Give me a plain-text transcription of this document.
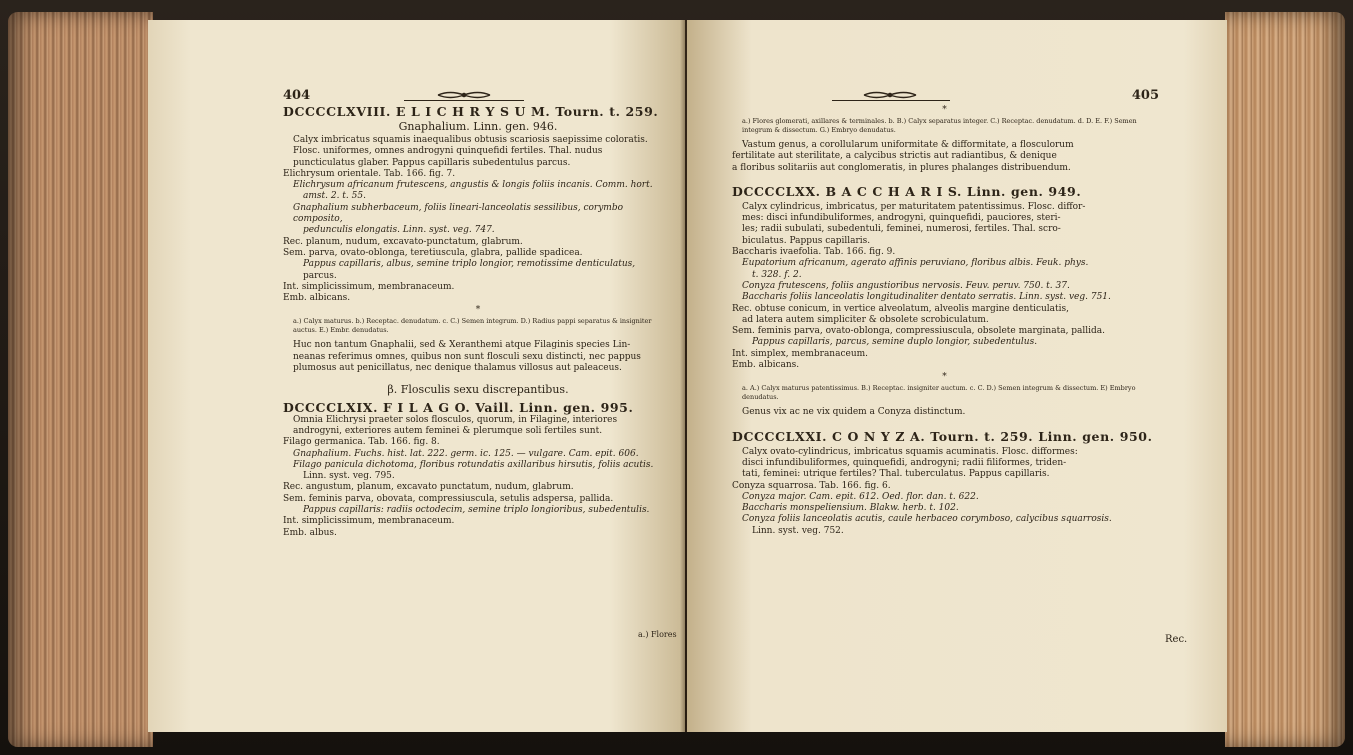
404
DCCCCLXVIII. E L I C H R Y S U M. Tourn. t. 259.
Gnaphalium. Linn. gen. 946.

Calyx imbricatus squamis inaequalibus obtusis scariosis saepissime coloratis.

Flosc. uniformes, omnes androgyni quinquefidi fertiles. Thal. nudus

puncticulatus glaber. Pappus capillaris subedentulus parcus.

Elichrysum orientale. Tab. 166. fig. 7.

Elichrysum africanum frutescens, angustis & longis foliis incanis. Comm. hort.

amst. 2. t. 55.

Gnaphalium subherbaceum, foliis lineari-lanceolatis sessilibus, corymbo composito,

pedunculis elongatis. Linn. syst. veg. 747.

Rec. planum, nudum, excavato-punctatum, glabrum.

Sem. parva, ovato-oblonga, teretiuscula, glabra, pallide spadicea.

Pappus capillaris, albus, semine triplo longior, remotissime denticulatus,

parcus.

Int. simplicissimum, membranaceum.

Emb. albicans.

*

a.) Calyx maturus. b.) Receptac. denudatum. c. C.) Semen integrum. D.) Radius pappi separatus & insigniter auctus. E.) Embr. denudatus.

Huc non tantum Gnaphalii, sed & Xeranthemi atque Filaginis species Lin-

neanas referimus omnes, quibus non sunt flosculi sexu distincti, nec pappus

plumosus aut penicillatus, nec denique thalamus villosus aut paleaceus.

β. Flosculis sexu discrepantibus.

DCCCCLXIX. F I L A G O. Vaill. Linn. gen. 995.

Omnia Elichrysi praeter solos flosculos, quorum, in Filagine, interiores

androgyni, exteriores autem feminei & plerumque soli fertiles sunt.

Filago germanica. Tab. 166. fig. 8.

Gnaphalium. Fuchs. hist. lat. 222. germ. ic. 125. — vulgare. Cam. epit. 606.

Filago panicula dichotoma, floribus rotundatis axillaribus hirsutis, foliis acutis.

Linn. syst. veg. 795.

Rec. angustum, planum, excavato punctatum, nudum, glabrum.

Sem. feminis parva, obovata, compressiuscula, setulis adspersa, pallida.

Pappus capillaris: radiis octodecim, semine triplo longioribus, subedentulis.

Int. simplicissimum, membranaceum.

Emb. albus.

a.) Flores
405
*

a.) Flores glomerati, axillares & terminales. b. B.) Calyx separatus integer. C.) Receptac. denudatum. d. D. E. F.) Semen integrum & dissectum. G.) Embryo denudatus.

Vastum genus, a corollularum uniformitate & difformitate, a flosculorum

fertilitate aut sterilitate, a calycibus strictis aut radiantibus, & denique

a floribus solitariis aut conglomeratis, in plures phalanges distribuendum.

DCCCCLXX. B A C C H A R I S. Linn. gen. 949.

Calyx cylindricus, imbricatus, per maturitatem patentissimus. Flosc. diffor-

mes: disci infundibuliformes, androgyni, quinquefidi, pauciores, steri-

les; radii subulati, subedentuli, feminei, numerosi, fertiles. Thal. scro-

biculatus. Pappus capillaris.

Baccharis ivaefolia. Tab. 166. fig. 9.

Eupatorium africanum, agerato affinis peruviano, floribus albis. Feuk. phys.

t. 328. f. 2.

Conyza frutescens, foliis angustioribus nervosis. Feuv. peruv. 750. t. 37.

Baccharis foliis lanceolatis longitudinaliter dentato serratis. Linn. syst. veg. 751.

Rec. obtuse conicum, in vertice alveolatum, alveolis margine denticulatis,

ad latera autem simpliciter & obsolete scrobiculatum.

Sem. feminis parva, ovato-oblonga, compressiuscula, obsolete marginata, pallida.

Pappus capillaris, parcus, semine duplo longior, subedentulus.

Int. simplex, membranaceum.

Emb. albicans.

*

a. A.) Calyx maturus patentissimus. B.) Receptac. insigniter auctum. c. C. D.) Semen integrum & dissectum. E) Embryo denudatus.

Genus vix ac ne vix quidem a Conyza distinctum.

DCCCCLXXI. C O N Y Z A. Tourn. t. 259. Linn. gen. 950.

Calyx ovato-cylindricus, imbricatus squamis acuminatis. Flosc. difformes:

disci infundibuliformes, quinquefidi, androgyni; radii filiformes, triden-

tati, feminei: utrique fertiles? Thal. tuberculatus. Pappus capillaris.

Conyza squarrosa. Tab. 166. fig. 6.

Conyza major. Cam. epit. 612. Oed. flor. dan. t. 622.

Baccharis monspeliensium. Blakw. herb. t. 102.

Conyza foliis lanceolatis acutis, caule herbaceo corymboso, calycibus squarrosis.

Linn. syst. veg. 752.

Rec.
